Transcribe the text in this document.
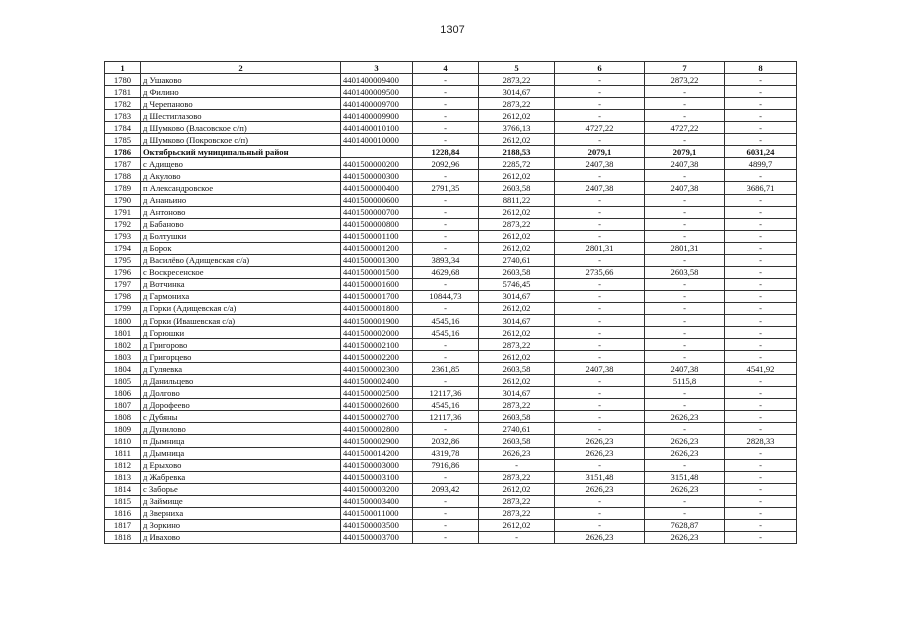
1307
1	2	3	4	5	6	7	8
1780	д Ушаково	4401400009400	-	2873,22	-	2873,22	-
1781	д Филино	4401400009500	-	3014,67	-	-	-
1782	д Черепаново	4401400009700	-	2873,22	-	-	-
1783	д Шестиглазово	4401400009900	-	2612,02	-	-	-
1784	д Шумково (Власовское с/п)	4401400010100	-	3766,13	4727,22	4727,22	-
1785	д Шумково (Покровское с/п)	4401400010000	-	2612,02	-	-	-
1786	Октябрьский муниципальный район		1228,84	2188,53	2079,1	2079,1	6031,24
1787	с Адищево	4401500000200	2092,96	2285,72	2407,38	2407,38	4899,7
1788	д Акулово	4401500000300	-	2612,02	-	-	-
1789	п Александровское	4401500000400	2791,35	2603,58	2407,38	2407,38	3686,71
1790	д Ананьино	4401500000600	-	8811,22	-	-	-
1791	д Антоново	4401500000700	-	2612,02	-	-	-
1792	д Бабаново	4401500000800	-	2873,22	-	-	-
1793	д Болтушки	4401500001100	-	2612,02	-	-	-
1794	д Борок	4401500001200	-	2612,02	2801,31	2801,31	-
1795	д Василёво (Адищевская с/а)	4401500001300	3893,34	2740,61	-	-	-
1796	с Воскресенское	4401500001500	4629,68	2603,58	2735,66	2603,58	-
1797	д Вотчинка	4401500001600	-	5746,45	-	-	-
1798	д Гармониха	4401500001700	10844,73	3014,67	-	-	-
1799	д Горки (Адищевская с/а)	4401500001800	-	2612,02	-	-	-
1800	д Горки (Ивашевская с/а)	4401500001900	4545,16	3014,67	-	-	-
1801	д Горюшки	4401500002000	4545,16	2612,02	-	-	-
1802	д Григорово	4401500002100	-	2873,22	-	-	-
1803	д Григорцево	4401500002200	-	2612,02	-	-	-
1804	д Гуляевка	4401500002300	2361,85	2603,58	2407,38	2407,38	4541,92
1805	д Данильцево	4401500002400	-	2612,02	-	5115,8	-
1806	д Долгово	4401500002500	12117,36	3014,67	-	-	-
1807	д Дорофеево	4401500002600	4545,16	2873,22	-	-	-
1808	с Дубяны	4401500002700	12117,36	2603,58	-	2626,23	-
1809	д Дунилово	4401500002800	-	2740,61	-	-	-
1810	п Дымница	4401500002900	2032,86	2603,58	2626,23	2626,23	2828,33
1811	д Дымница	4401500014200	4319,78	2626,23	2626,23	2626,23	-
1812	д Ерыхово	4401500003000	7916,86	-	-	-	-
1813	д Жабревка	4401500003100	-	2873,22	3151,48	3151,48	-
1814	с Заборье	4401500003200	2093,42	2612,02	2626,23	2626,23	-
1815	д Займище	4401500003400	-	2873,22	-	-	-
1816	д Зверниха	4401500011000	-	2873,22	-	-	-
1817	д Зоркино	4401500003500	-	2612,02	-	7628,87	-
1818	д Ивахово	4401500003700	-	-	2626,23	2626,23	-
